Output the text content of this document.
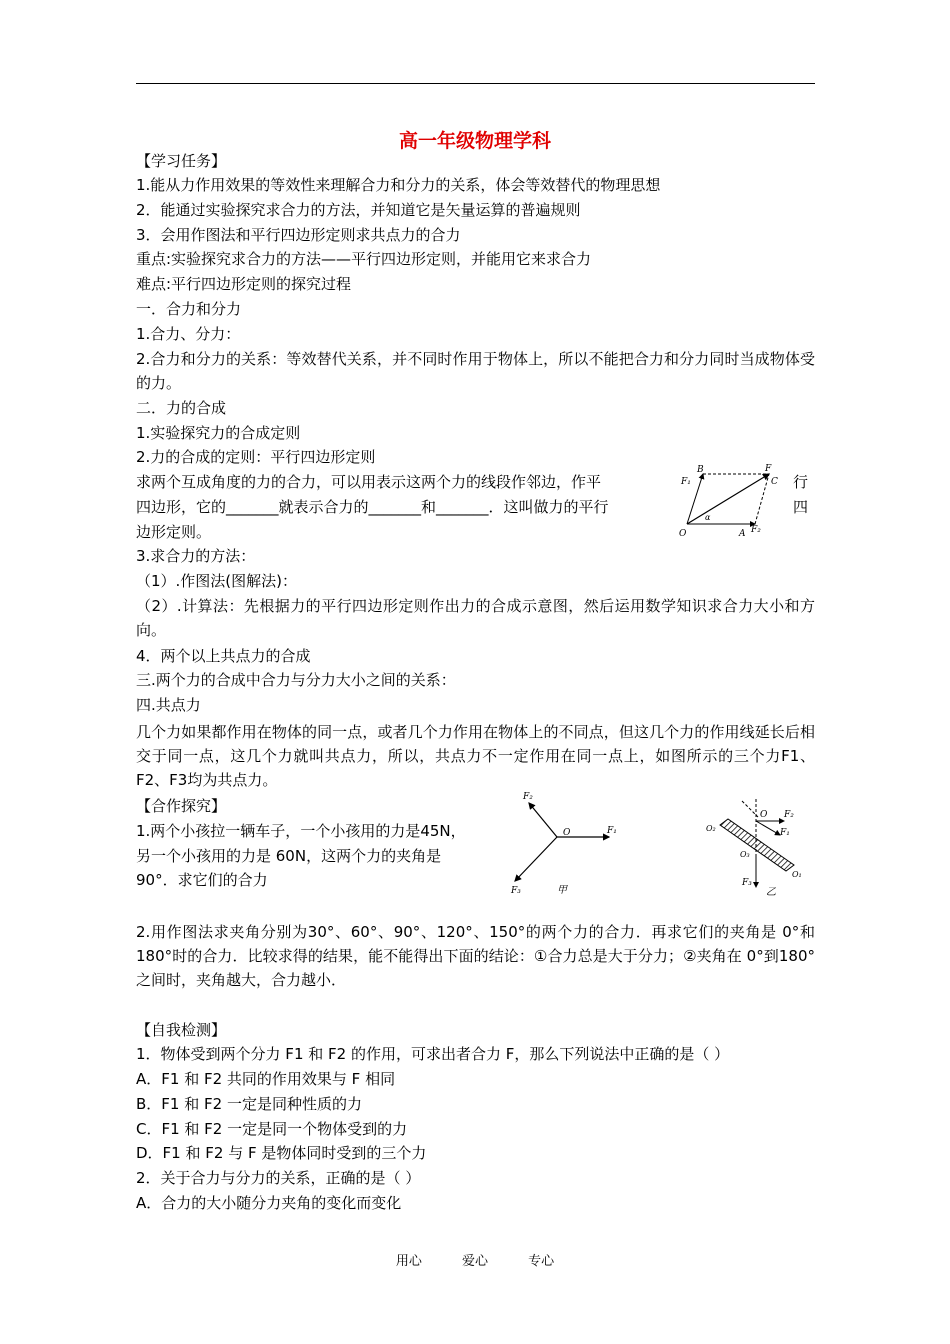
高一年级物理学科
【学习任务】
1.能从力作用效果的等效性来理解合力和分力的关系，体会等效替代的物理思想
2．能通过实验探究求合力的方法，并知道它是矢量运算的普遍规则
3．会用作图法和平行四边形定则求共点力的合力
重点:实验探究求合力的方法——平行四边形定则，并能用它来求合力
难点:平行四边形定则的探究过程
一．合力和分力
1.合力、分力：
2.合力和分力的关系：等效替代关系，并不同时作用于物体上，所以不能把合力和分力同时当成物体受的力。
二．力的合成
1.实验探究力的合成定则
2.力的合成的定则：平行四边形定则
求两个互成角度的力的合力，可以用表示这两个力的线段作邻边，作平	行
四边形，它的_______就表示合力的_______和_______．这叫做力的平行	四
边形定则。
3.求合力的方法：
（1）.作图法(图解法)：
（2）.计算法：先根据力的平行四边形定则作出力的合成示意图，然后运用数学知识求合力大小和方向。
4．两个以上共点力的合成
三.两个力的合成中合力与分力大小之间的关系：
四.共点力
几个力如果都作用在物体的同一点，或者几个力作用在物体上的不同点，但这几个力的作用线延长后相交于同一点，这几个力就叫共点力，所以，共点力不一定作用在同一点上，如图所示的三个力F1、F2、F3均为共点力。
【合作探究】
1.两个小孩拉一辆车子，一个小孩用的力是45N，
另一个小孩用的力是 60N，这两个力的夹角是
90°．求它们的合力
2.用作图法求夹角分别为30°、60°、90°、120°、150°的两个力的合力．再求它们的夹角是 0°和180°时的合力．比较求得的结果，能不能得出下面的结论：①合力总是大于分力；②夹角在 0°到180°之间时，夹角越大，合力越小．
【自我检测】
1．物体受到两个分力 F1 和 F2 的作用，可求出者合力 F，那么下列说法中正确的是（ ）
A．F1 和 F2 共同的作用效果与 F 相同
B．F1 和 F2 一定是同种性质的力
C．F1 和 F2 一定是同一个物体受到的力
D．F1 和 F2 与 F 是物体同时受到的三个力
2．关于合力与分力的关系，正确的是（ ）
A．合力的大小随分力夹角的变化而变化
B
F₁
F
C
O
α
A F₂
F₂
O	F₁
F₃	甲
O F₂
O₂	F₁
O₃
O₁
F₃
乙
用心	爱心	专心
